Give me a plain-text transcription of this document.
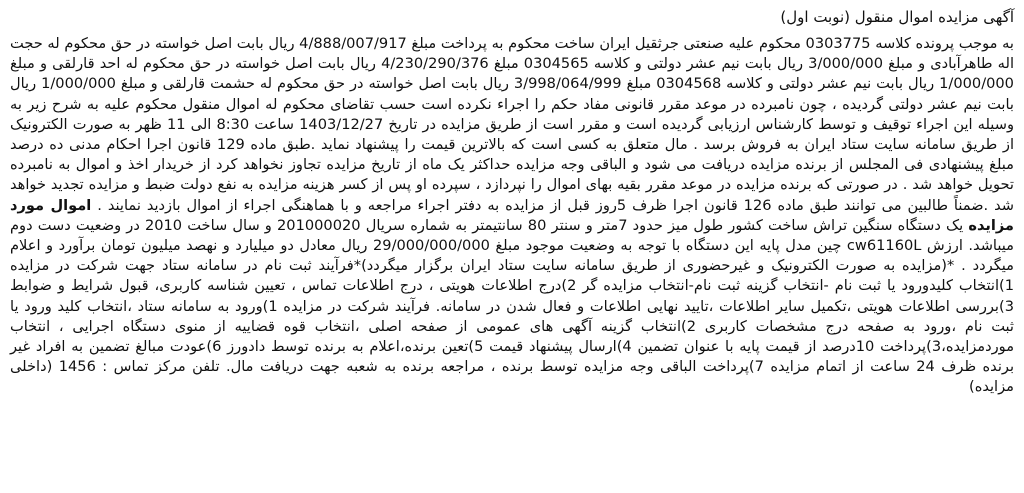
آگهی مزایده اموال منقول (نوبت اول)

به موجب پرونده کلاسه 0303775 محکوم علیه صنعتی جرثقیل ایران ساخت محکوم به پرداخت مبلغ 4/888/007/917 ریال بابت اصل خواسته در حق محکوم له حجت اله طاهرآبادی و مبلغ 3/000/000 ریال بابت نیم عشر دولتی و کلاسه 0304565 مبلغ 4/230/290/376 ریال بابت اصل خواسته در حق محکوم له احد قارلقی و مبلغ 1/000/000 ریال بابت نیم عشر دولتی و کلاسه 0304568 مبلغ 3/998/064/999 ریال بابت اصل خواسته در حق محکوم له حشمت قارلقی و مبلغ 1/000/000 ریال بابت نیم عشر دولتی گردیده ، چون نامبرده در موعد مقرر قانونی مفاد حکم را اجراء نکرده است حسب تقاضای محکوم له اموال منقول محکوم علیه به شرح زیر به وسیله این اجراء توقیف و توسط کارشناس ارزیابی گردیده است و مقرر است از طریق مزایده در تاریخ 1403/12/27 ساعت 8:30 الی 11 ظهر به صورت الکترونیک از طریق سامانه سایت ستاد ایران به فروش برسد . مال متعلق به کسی است که بالاترین قیمت را پیشنهاد نماید .طبق ماده 129 قانون اجرا احکام مدنی ده درصد مبلغ پیشنهادی فی المجلس از برنده مزایده دریافت می شود و الباقی وجه مزایده حداکثر یک ماه از تاریخ مزایده تجاوز نخواهد کرد از خریدار اخذ و اموال به نامبرده تحویل خواهد شد . در صورتی که برنده مزایده در موعد مقرر بقیه بهای اموال را نپردازد ، سپرده او پس از کسر هزینه مزایده به نفع دولت ضبط و مزایده تجدید خواهد شد .ضمناً طالبین می توانند طبق ماده 126 قانون اجرا ظرف 5روز قبل از مزایده به دفتر اجراء مراجعه و با هماهنگی اجراء از اموال بازدید نمایند . اموال مورد مزایده یک دستگاه سنگین تراش ساخت کشور طول میز حدود 7متر و سنتر 80 سانتیمتر به شماره سریال 201000020 و سال ساخت 2010 در وضعیت دست دوم میباشد. ارزش cw61160L چین مدل پایه این دستگاه با توجه به وضعیت موجود مبلغ 29/000/000/000 ریال معادل دو میلیارد و نهصد میلیون تومان برآورد و اعلام میگردد . *(مزایده به صورت الکترونیک و غیرحضوری از طریق سامانه سایت ستاد ایران برگزار میگردد)*فرآیند ثبت نام در سامانه ستاد جهت شرکت در مزایده 1)انتخاب کلیدورود یا ثبت نام -انتخاب گزینه ثبت نام-انتخاب مزایده گر 2)درج اطلاعات هویتی ، درج اطلاعات تماس ، تعیین شناسه کاربری، قبول شرایط و ضوابط 3)بررسی اطلاعات هویتی ،تکمیل سایر اطلاعات ،تایید نهایی اطلاعات و فعال شدن در سامانه. فرآیند شرکت در مزایده 1)ورود به سامانه ستاد ،انتخاب کلید ورود یا ثبت نام ،ورود به صفحه درج مشخصات کاربری 2)انتخاب گزینه آگهی های عمومی از صفحه اصلی ،انتخاب قوه قضاییه از منوی دستگاه اجرایی ، انتخاب موردمزایده،3)پرداخت 10درصد از قیمت پایه با عنوان تضمین 4)ارسال پیشنهاد قیمت 5)تعین برنده،اعلام به برنده توسط دادورز 6)عودت مبالغ تضمین به افراد غیر برنده ظرف 24 ساعت از اتمام مزایده 7)پرداخت الباقی وجه مزایده توسط برنده ، مراجعه برنده به شعبه جهت دریافت مال. تلفن مرکز تماس : 1456 (داخلی مزایده)
